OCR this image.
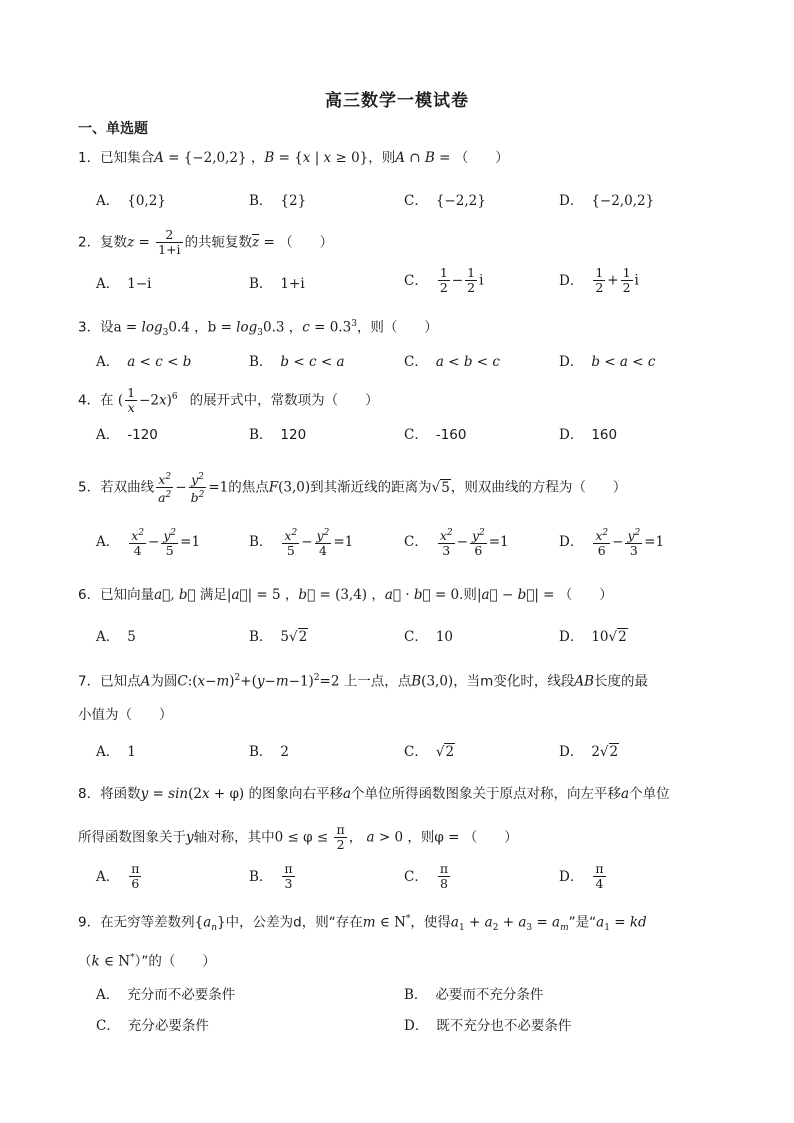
高三数学一模试卷
一、单选题
1．已知集合A = {−2,0,2} ，B = {x | x ≥ 0}，则A ∩ B = （　　）
A． {0,2}	B． {2}	C． {−2,2}	D． {−2,0,2}
2．复数$z = \frac{2}{1+i}$ 的共轭复数$\overline{z}$ = （　　）
A． 1−i	B． 1+i	C． $\frac{1}{2} - \frac{1}{2}$ i	D． $\frac{1}{2} + \frac{1}{2}$ i
3．设$a = \log_30.4$ ，$b = \log_30.3$ ，$c = 0.3^3$，则（　　）
A． a < c < b	B． b < c < a	C． a < b < c	D． b < a < c
4．在 ( $\frac{1}{x} -2x)^6$ 的展开式中，常数项为（　　）
A． -120	B． 120	C． -160	D． 160
5．若双曲线 $\frac{x^2}{a^2} - \frac{y^2}{b^2} =1$的焦点F(3,0)到其渐近线的距离为√5，则双曲线的方程为（　　）
A． $\frac{x^2}{4} - \frac{y^2}{5} =1$	B． $\frac{x^2}{5} - \frac{y^2}{4} =1$	C． $\frac{x^2}{3} - \frac{y^2}{6} =1$	D． $\frac{x^2}{6} - \frac{y^2}{3} =1$
6．已知向量a⃗, b⃗ 满足|a⃗| = 5 ，b⃗ = (3,4) ，a⃗ · b⃗ = 0.则|a⃗ − b⃗| = （　　）
A． 5	B． 5√2	C． 10	D． 10√2
7．已知点A为圆$C:(x-m)^2+(y-m-1)^2=2$ 上一点，点B(3,0)，当m变化时，线段AB长度的最
小值为（　　）
A． 1	B． 2	C． √2	D． 2√2
8．将函数y = sin(2x + φ) 的图象向右平移a个单位所得函数图象关于原点对称，向左平移a个单位
所得函数图象关于y轴对称，其中$0 \le \varphi \le \frac{\pi}{2}$ ， a > 0 ，则φ = （　　）
A． $\frac{\pi}{6}$	B． $\frac{\pi}{3}$	C． $\frac{\pi}{8}$	D． $\frac{\pi}{4}$
9．在无穷等差数列$\{a_n\}$中，公差为d，则“存在m ∈ N*，使得$a_1 + a_2 + a_3 = a_m$”是“$a_1$ = kd
（k ∈ N*）”的（　　）
A． 充分而不必要条件	B． 必要而不充分条件
C． 充分必要条件	D． 既不充分也不必要条件
